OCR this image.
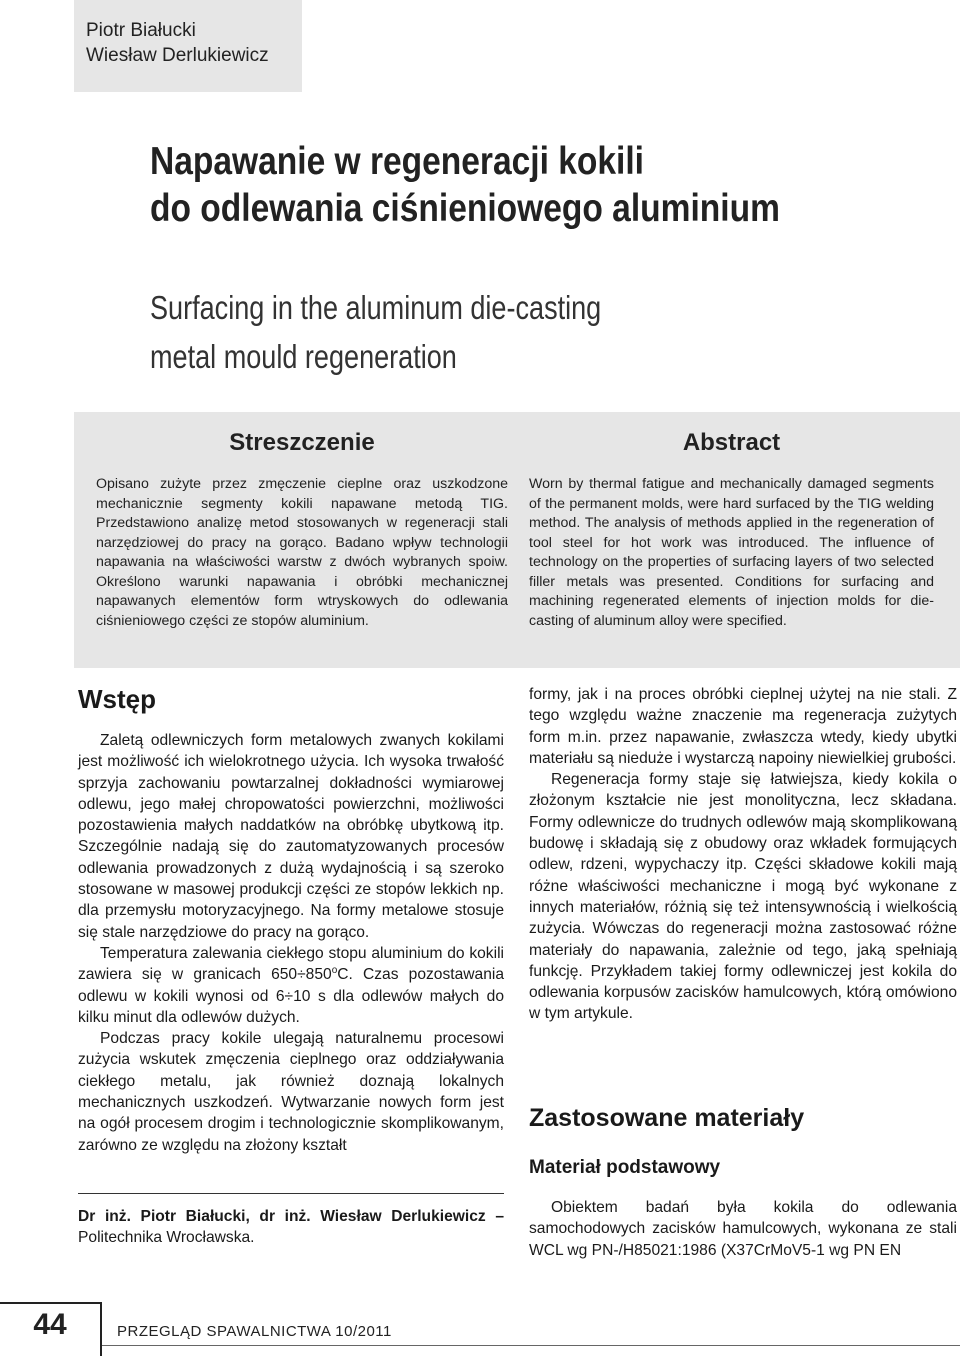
Piotr Białucki
Wiesław Derlukiewicz
Napawanie w regeneracji kokili
do odlewania ciśnieniowego aluminium
Surfacing in the aluminum die-casting
metal mould regeneration
Streszczenie

Opisano zużyte przez zmęczenie cieplne oraz uszkodzone mechanicznie segmenty kokili napawane metodą TIG. Przedstawiono analizę metod stosowanych w regeneracji stali narzędziowej do pracy na gorąco. Badano wpływ technologii napawania na właściwości warstw z dwóch wybranych spoiw. Określono warunki napawania i obróbki mechanicznej napawanych elementów form wtryskowych do odlewania ciśnieniowego części ze stopów aluminium.

Abstract

Worn by thermal fatigue and mechanically damaged segments of the permanent molds, were hard surfaced by the TIG welding method. The analysis of methods applied in the regeneration of tool steel for hot work was introduced. The influence of technology on the properties of surfacing layers of two selected filler metals was presented. Conditions for surfacing and machining regenerated elements of injection molds for die- casting of aluminum alloy were specified.

Wstęp

Zaletą odlewniczych form metalowych zwanych kokilami jest możliwość ich wielokrotnego użycia. Ich wysoka trwałość sprzyja zachowaniu powtarzalnej dokładności wymiarowej odlewu, jego małej chropowatości powierzchni, możliwości pozostawienia małych naddatków na obróbkę ubytkową itp. Szczególnie nadają się do zautomatyzowanych procesów odlewania prowadzonych z dużą wydajnością i są szeroko stosowane w masowej produkcji części ze stopów lekkich np. dla przemysłu motoryzacyjnego. Na formy metalowe stosuje się stale narzędziowe do pracy na gorąco.

Temperatura zalewania ciekłego stopu aluminium do kokili zawiera się w granicach $650\div 850^oC$. Czas pozostawania odlewu w kokili wynosi od 6÷10 s dla odlewów małych do kilku minut dla odlewów dużych.

Podczas pracy kokile ulegają naturalnemu procesowi zużycia wskutek zmęczenia cieplnego oraz oddziaływania ciekłego metalu, jak również doznają lokalnych mechanicznych uszkodzeń. Wytwarzanie nowych form jest na ogół procesem drogim i technologicznie skomplikowanym, zarówno ze względu na złożony kształt

formy, jak i na proces obróbki cieplnej użytej na nie stali. Z tego względu ważne znaczenie ma regeneracja zużytych form m.in. przez napawanie, zwłaszcza wtedy, kiedy ubytki materiału są nieduże i wystarczą napoiny niewielkiej grubości.

Regeneracja formy staje się łatwiejsza, kiedy kokila o złożonym kształcie nie jest monolityczna, lecz składana. Formy odlewnicze do trudnych odlewów mają skomplikowaną budowę i składają się z obudowy oraz wkładek formujących odlew, rdzeni, wypychaczy itp. Części składowe kokili mają różne właściwości mechaniczne i mogą być wykonane z innych materiałów, różnią się też intensywnością i wielkością zużycia. Wówczas do regeneracji można zastosować różne materiały do napawania, zależnie od tego, jaką spełniają funkcję. Przykładem takiej formy odlewniczej jest kokila do odlewania korpusów zacisków hamulcowych, którą omówiono w tym artykule.

Zastosowane materiały
Materiał podstawowy

Obiektem badań była kokila do odlewania samochodowych zacisków hamulcowych, wykonana ze stali WCL wg PN-/H85021:1986 (X37CrMoV5-1 wg PN EN

Dr inż. Piotr Białucki, dr inż. Wiesław Derlukiewicz – Politechnika Wrocławska.
44	PRZEGLĄD SPAWALNICTWA 10/2011
